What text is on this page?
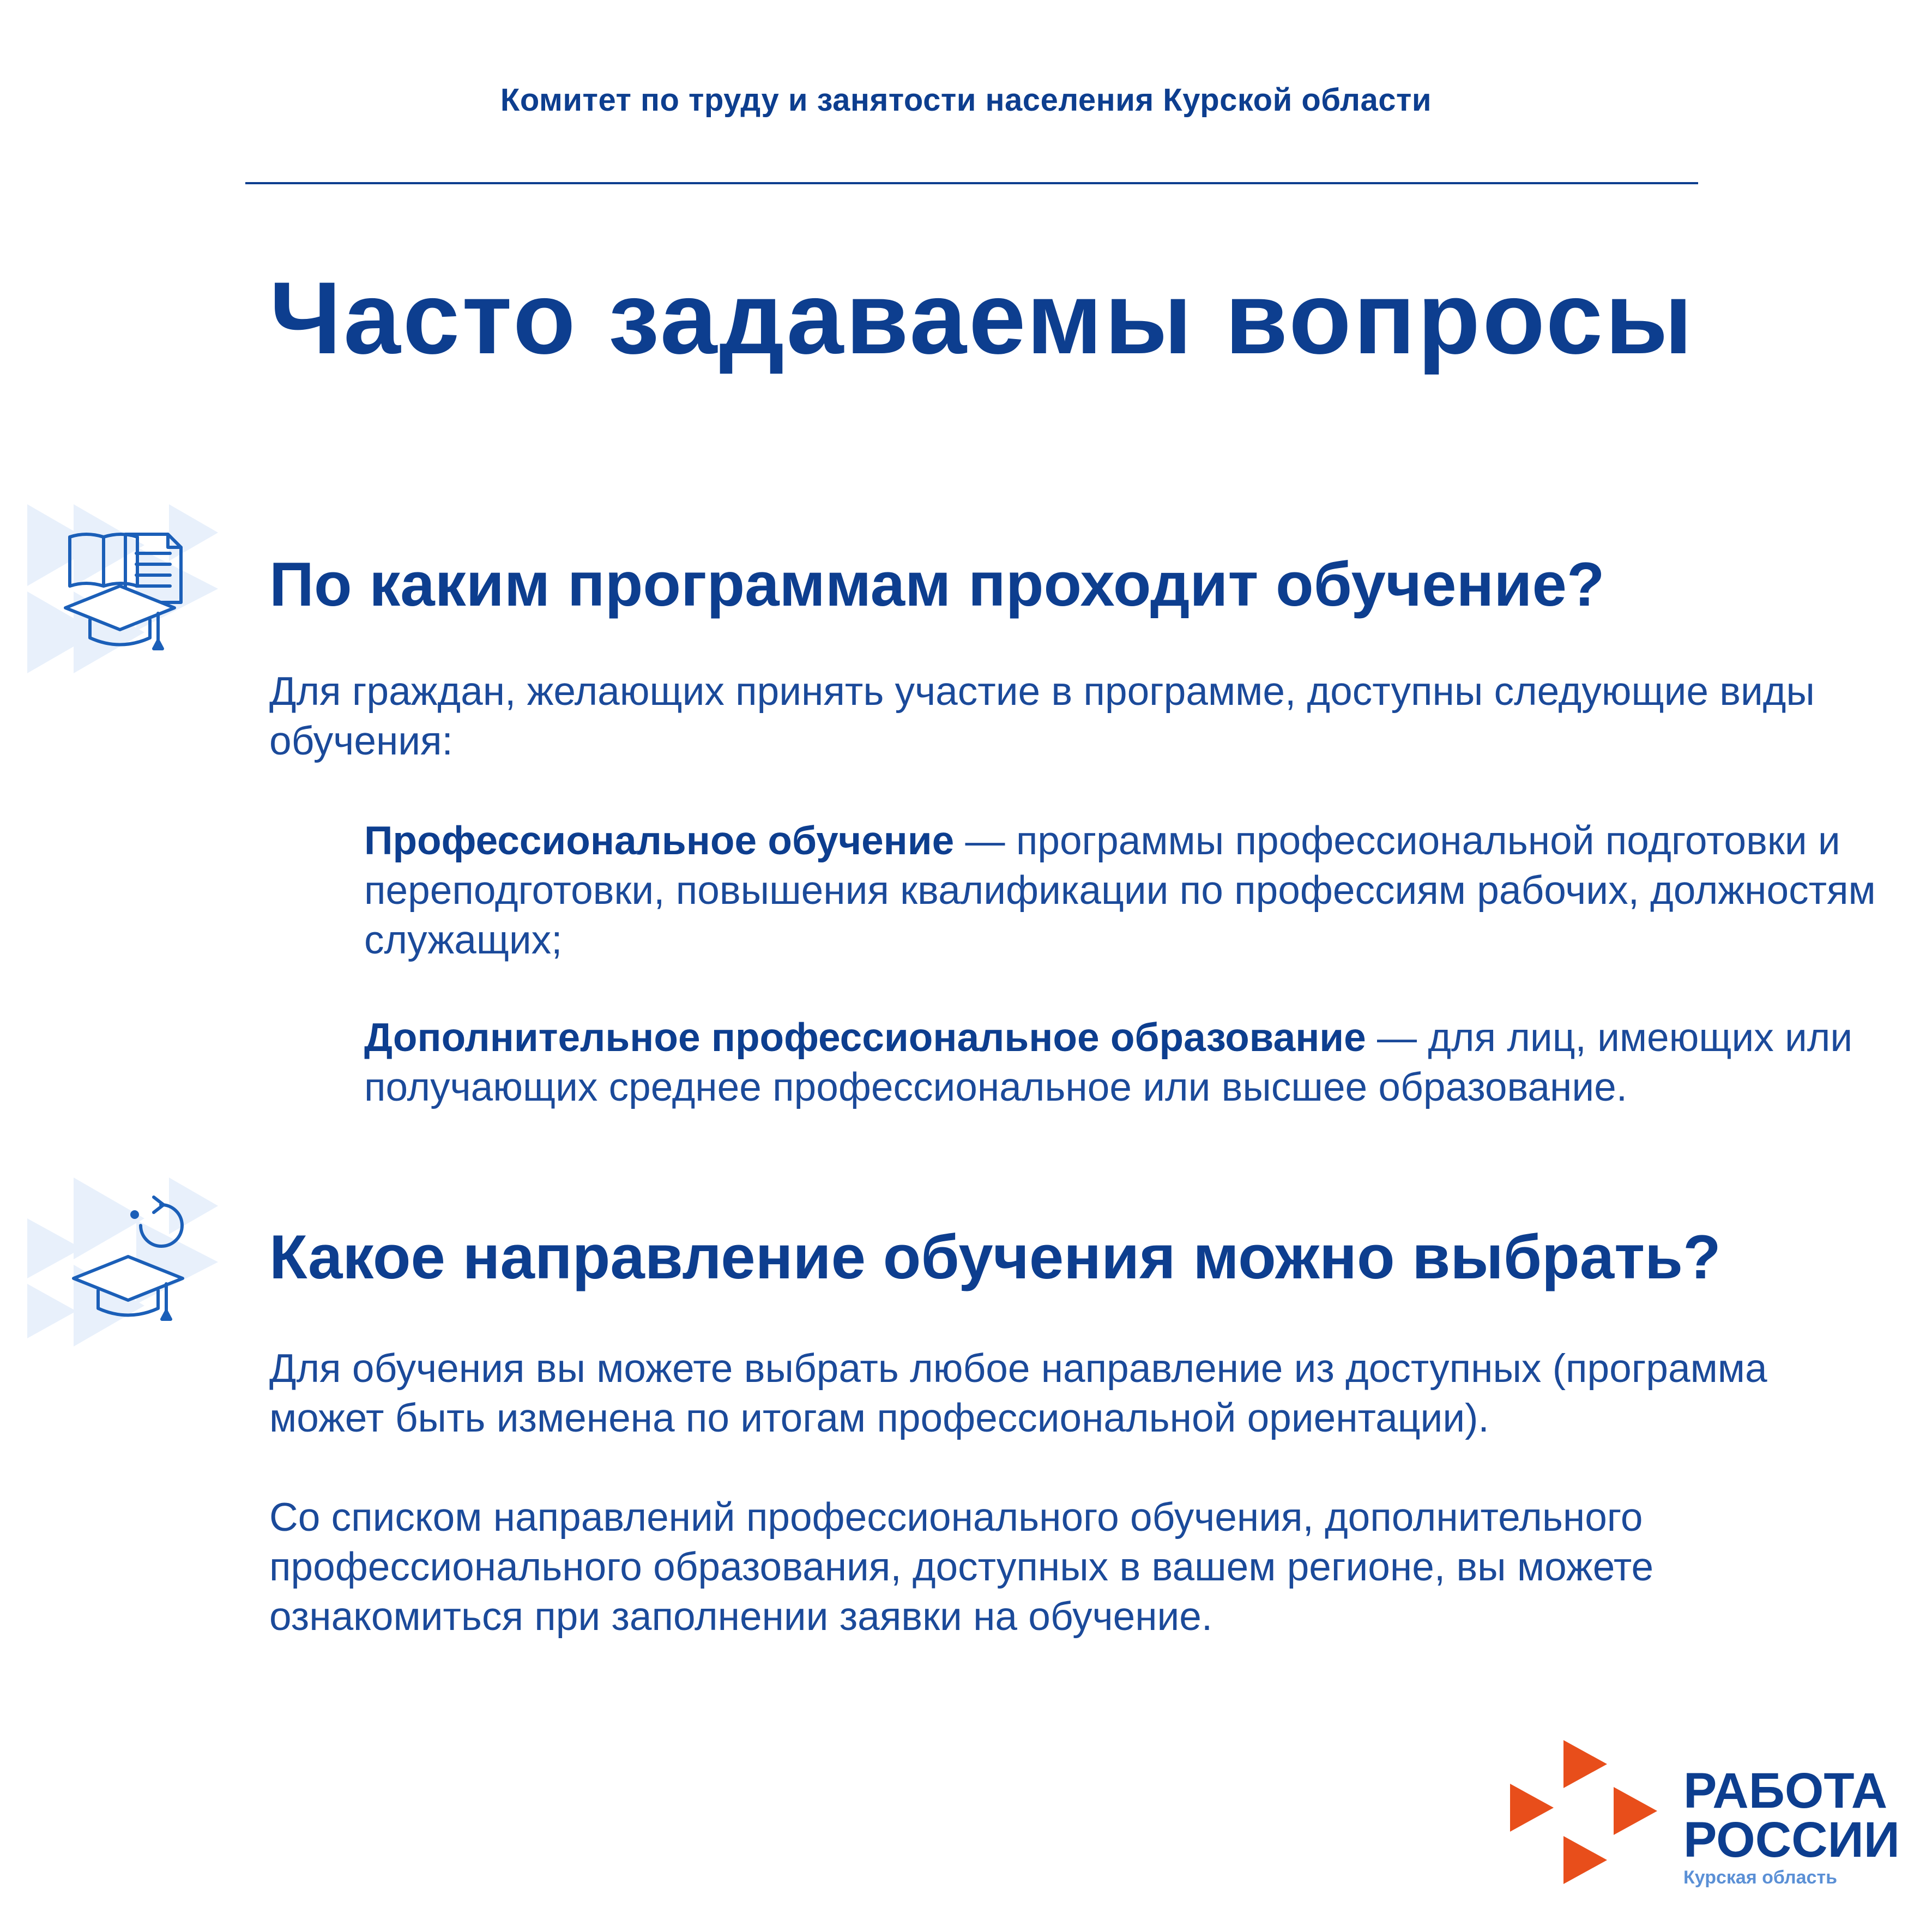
Комитет по труду и занятости населения Курской области
Часто задаваемы вопросы
По каким программам проходит обучение?

Для граждан, желающих принять участие в программе, доступны следующие виды обучения:

Профессиональное обучение — программы профессиональной подготовки и переподготовки, повышения квалификации по профессиям рабочих, должностям служащих;

Дополнительное профессиональное образование — для лиц, имеющих или получающих среднее профессиональное или высшее образование.

Какое направление обучения можно выбрать?

Для обучения вы можете выбрать любое направление из доступных (программа может быть изменена по итогам профессиональной ориентации).

Со списком направлений профессионального обучения, дополнительного профессионального образования, доступных в вашем регионе, вы можете ознакомиться при заполнении заявки на обучение.

РАБОТА
РОССИИ
Курская область
